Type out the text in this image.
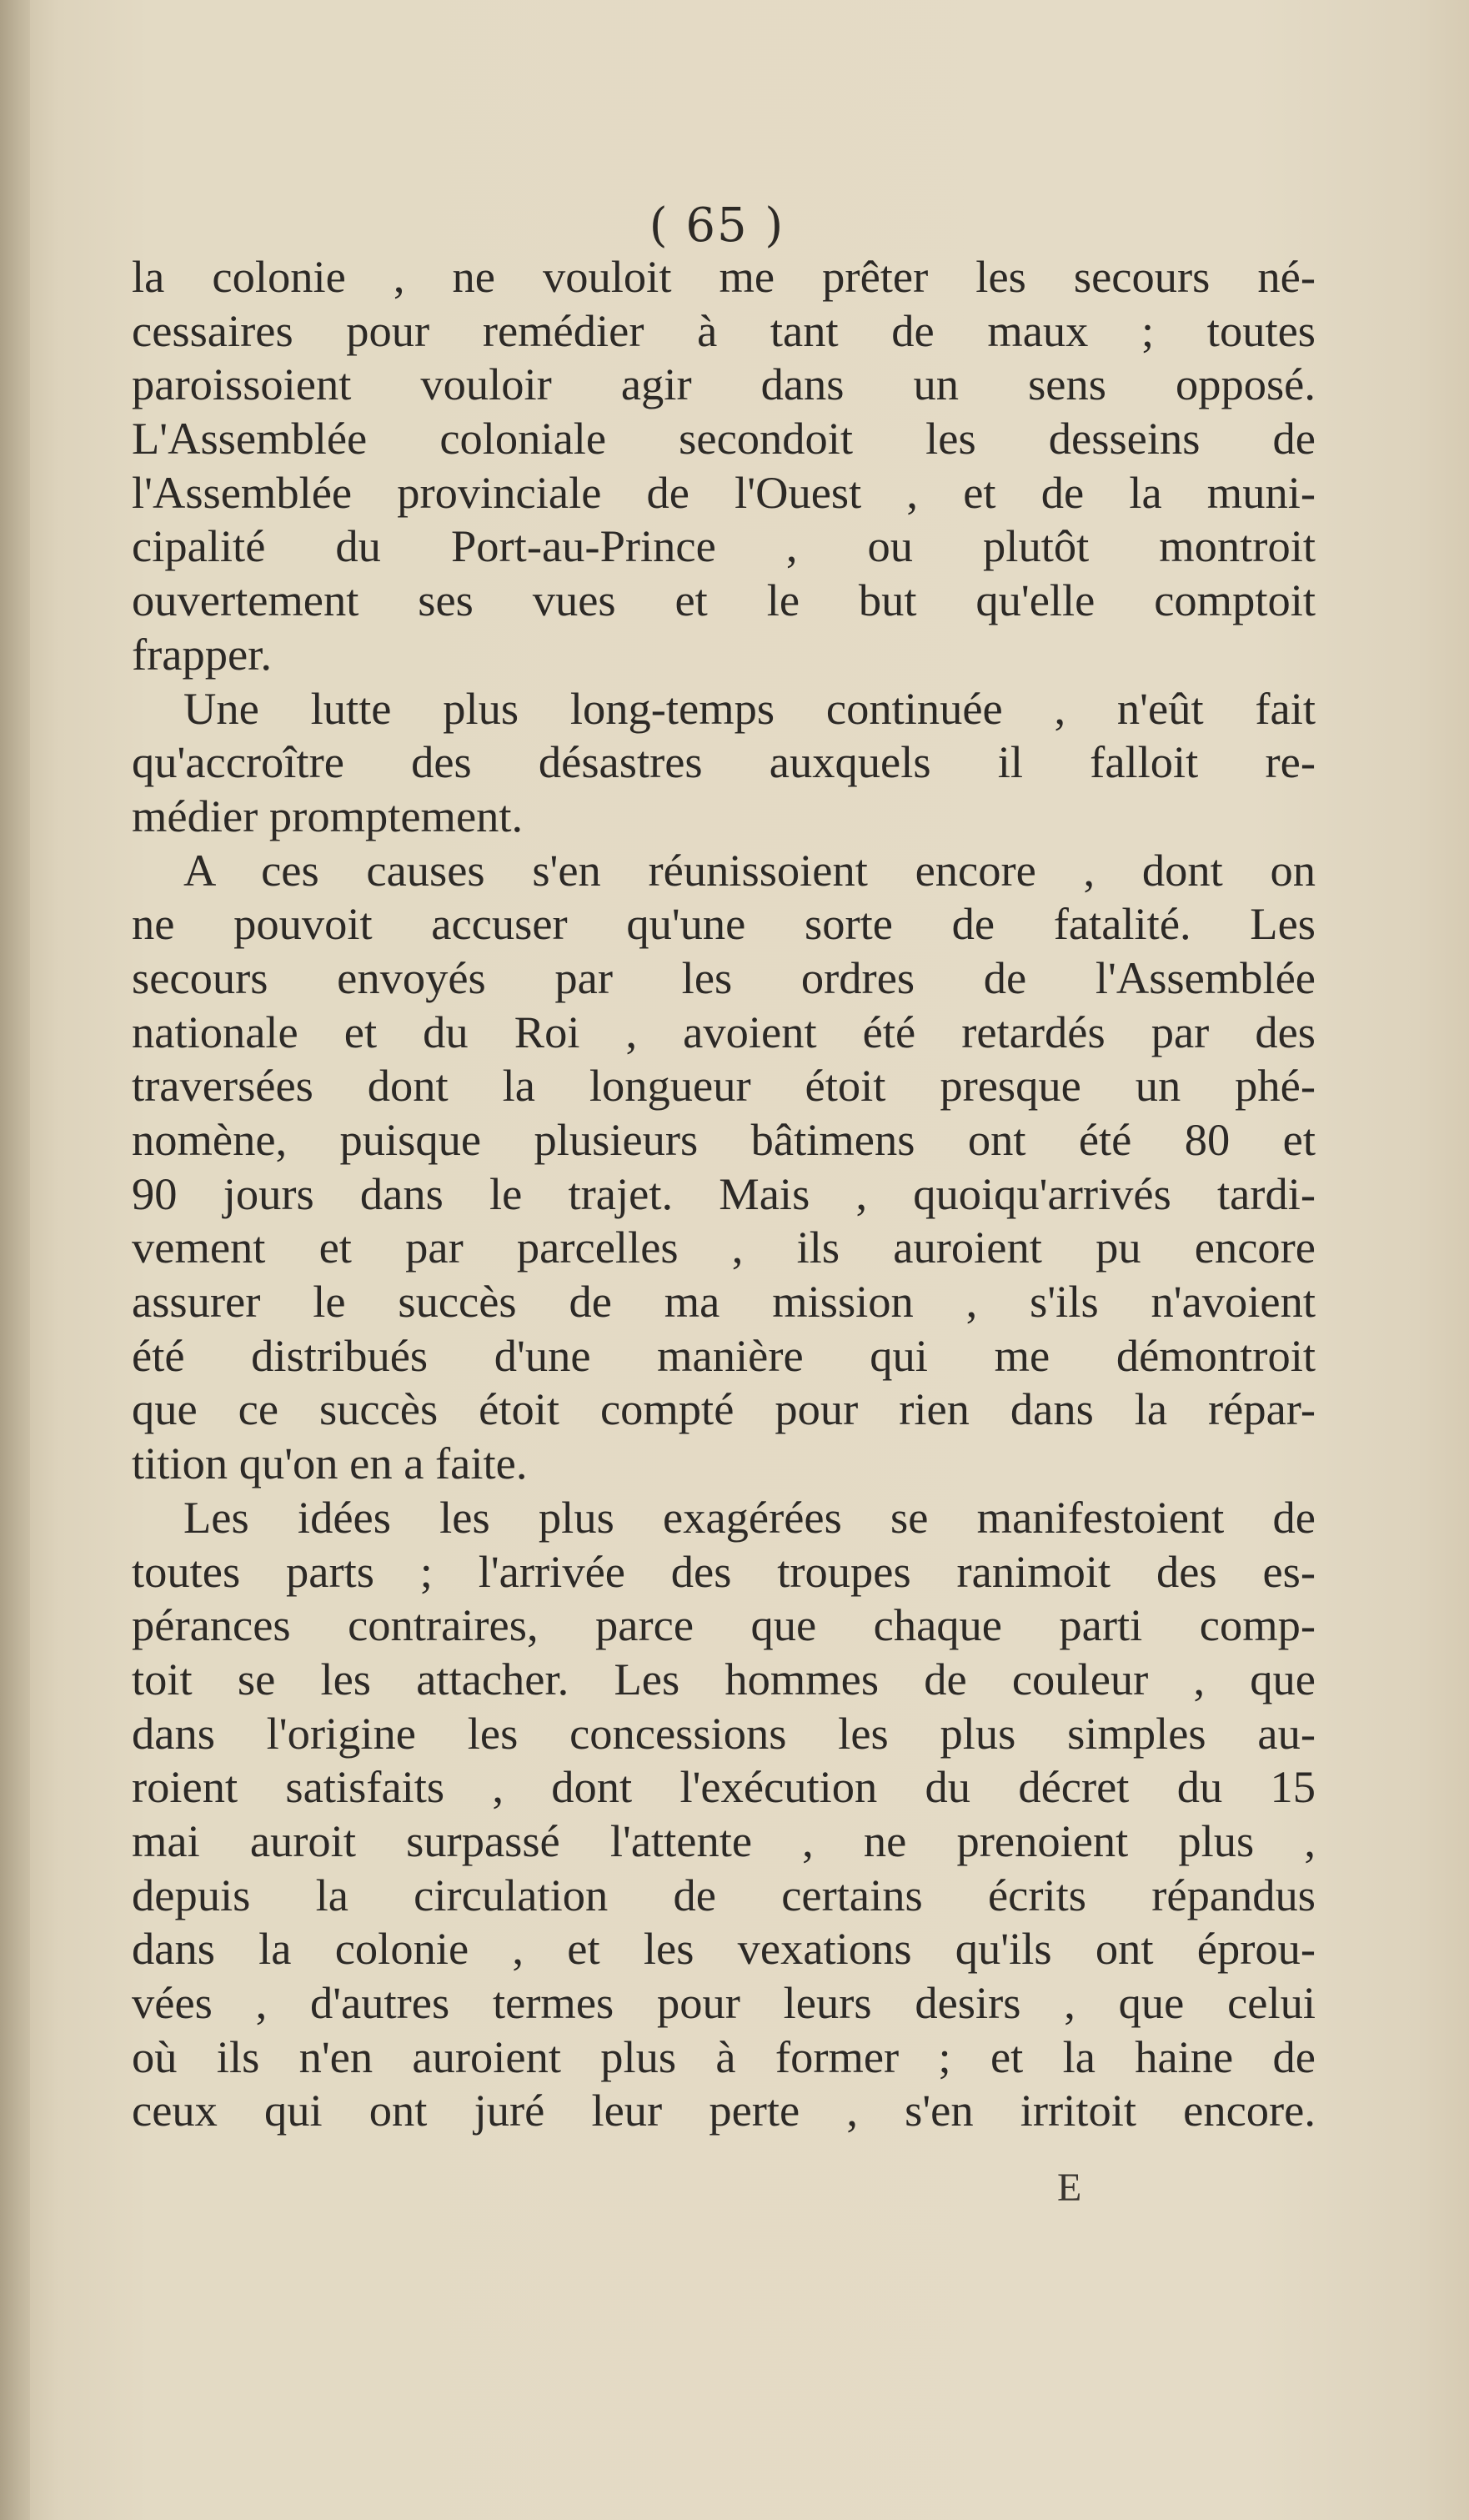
( 65 )
la colonie , ne vouloit me prêter les secours né-
cessaires pour remédier à tant de maux ; toutes
paroissoient vouloir agir dans un sens opposé.
L'Assemblée coloniale secondoit les desseins de
l'Assemblée provinciale de l'Ouest , et de la muni-
cipalité du Port-au-Prince , ou plutôt montroit
ouvertement ses vues et le but qu'elle comptoit
frapper.
Une lutte plus long-temps continuée , n'eût fait
qu'accroître des désastres auxquels il falloit re-
médier promptement.
A ces causes s'en réunissoient encore , dont on
ne pouvoit accuser qu'une sorte de fatalité. Les
secours envoyés par les ordres de l'Assemblée
nationale et du Roi , avoient été retardés par des
traversées dont la longueur étoit presque un phé-
nomène, puisque plusieurs bâtimens ont été 80 et
90 jours dans le trajet. Mais , quoiqu'arrivés tardi-
vement et par parcelles , ils auroient pu encore
assurer le succès de ma mission , s'ils n'avoient
été distribués d'une manière qui me démontroit
que ce succès étoit compté pour rien dans la répar-
tition qu'on en a faite.
Les idées les plus exagérées se manifestoient de
toutes parts ; l'arrivée des troupes ranimoit des es-
pérances contraires, parce que chaque parti comp-
toit se les attacher. Les hommes de couleur , que
dans l'origine les concessions les plus simples au-
roient satisfaits , dont l'exécution du décret du 15
mai auroit surpassé l'attente , ne prenoient plus ,
depuis la circulation de certains écrits répandus
dans la colonie , et les vexations qu'ils ont éprou-
vées , d'autres termes pour leurs desirs , que celui
où ils n'en auroient plus à former ; et la haine de
ceux qui ont juré leur perte , s'en irritoit encore.
E
